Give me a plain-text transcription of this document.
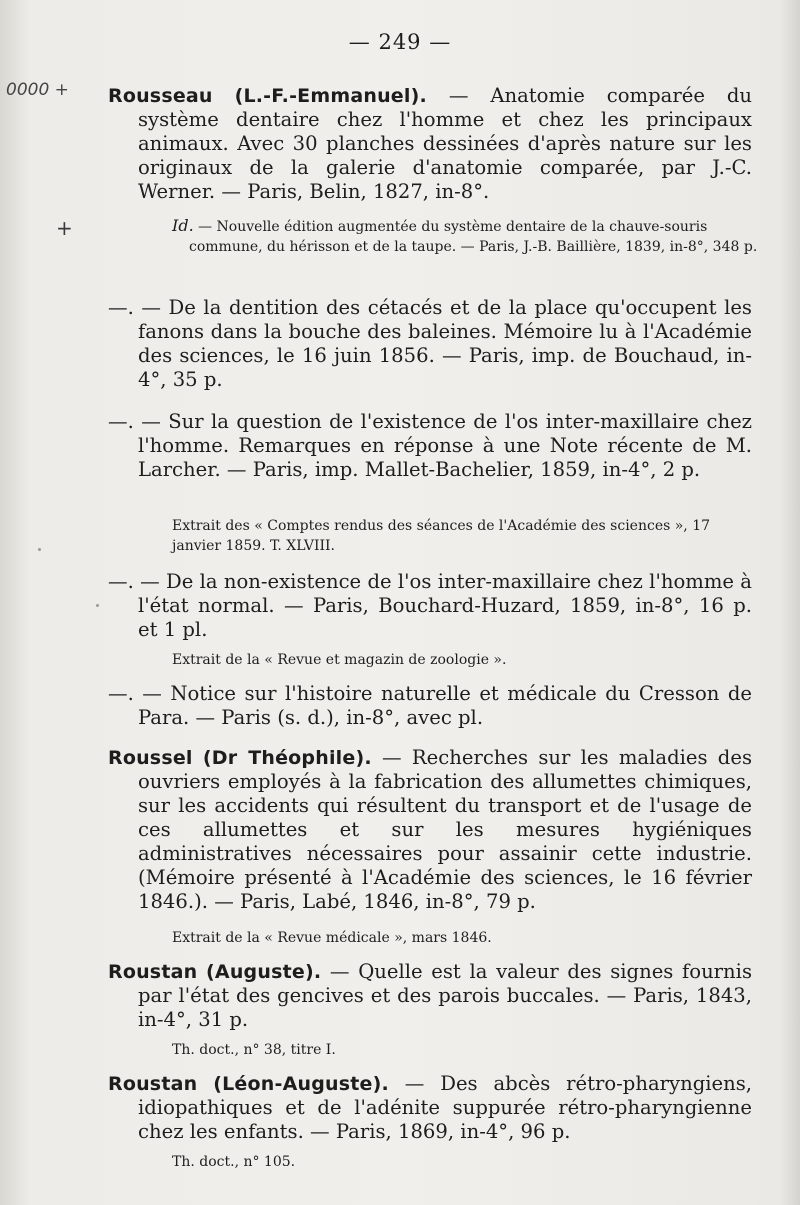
— 249 —
0000 +
+
Rousseau (L.-F.-Emmanuel). — Anatomie comparée du système dentaire chez l'homme et chez les principaux animaux. Avec 30 planches dessinées d'après nature sur les originaux de la galerie d'anatomie comparée, par J.-C. Werner. — Paris, Belin, 1827, in-8°.
Id. — Nouvelle édition augmentée du système dentaire de la chauve-souris commune, du hérisson et de la taupe. — Paris, J.-B. Baillière, 1839, in-8°, 348 p.
—. — De la dentition des cétacés et de la place qu'occupent les fanons dans la bouche des baleines. Mémoire lu à l'Académie des sciences, le 16 juin 1856. — Paris, imp. de Bouchaud, in-4°, 35 p.
—. — Sur la question de l'existence de l'os inter-maxillaire chez l'homme. Remarques en réponse à une Note récente de M. Larcher. — Paris, imp. Mallet-Bachelier, 1859, in-4°, 2 p.
Extrait des « Comptes rendus des séances de l'Académie des sciences », 17 janvier 1859. T. XLVIII.
—. — De la non-existence de l'os inter-maxillaire chez l'homme à l'état normal. — Paris, Bouchard-Huzard, 1859, in-8°, 16 p. et 1 pl.
Extrait de la « Revue et magazin de zoologie ».
—. — Notice sur l'histoire naturelle et médicale du Cresson de Para. — Paris (s. d.), in-8°, avec pl.
Roussel (Dr Théophile). — Recherches sur les maladies des ouvriers employés à la fabrication des allumettes chimiques, sur les accidents qui résultent du transport et de l'usage de ces allumettes et sur les mesures hygiéniques administratives nécessaires pour assainir cette industrie. (Mémoire présenté à l'Académie des sciences, le 16 février 1846.). — Paris, Labé, 1846, in-8°, 79 p.
Extrait de la « Revue médicale », mars 1846.
Roustan (Auguste). — Quelle est la valeur des signes fournis par l'état des gencives et des parois buccales. — Paris, 1843, in-4°, 31 p.
Th. doct., n° 38, titre I.
Roustan (Léon-Auguste). — Des abcès rétro-pharyngiens, idiopathiques et de l'adénite suppurée rétro-pharyngienne chez les enfants. — Paris, 1869, in-4°, 96 p.
Th. doct., n° 105.
